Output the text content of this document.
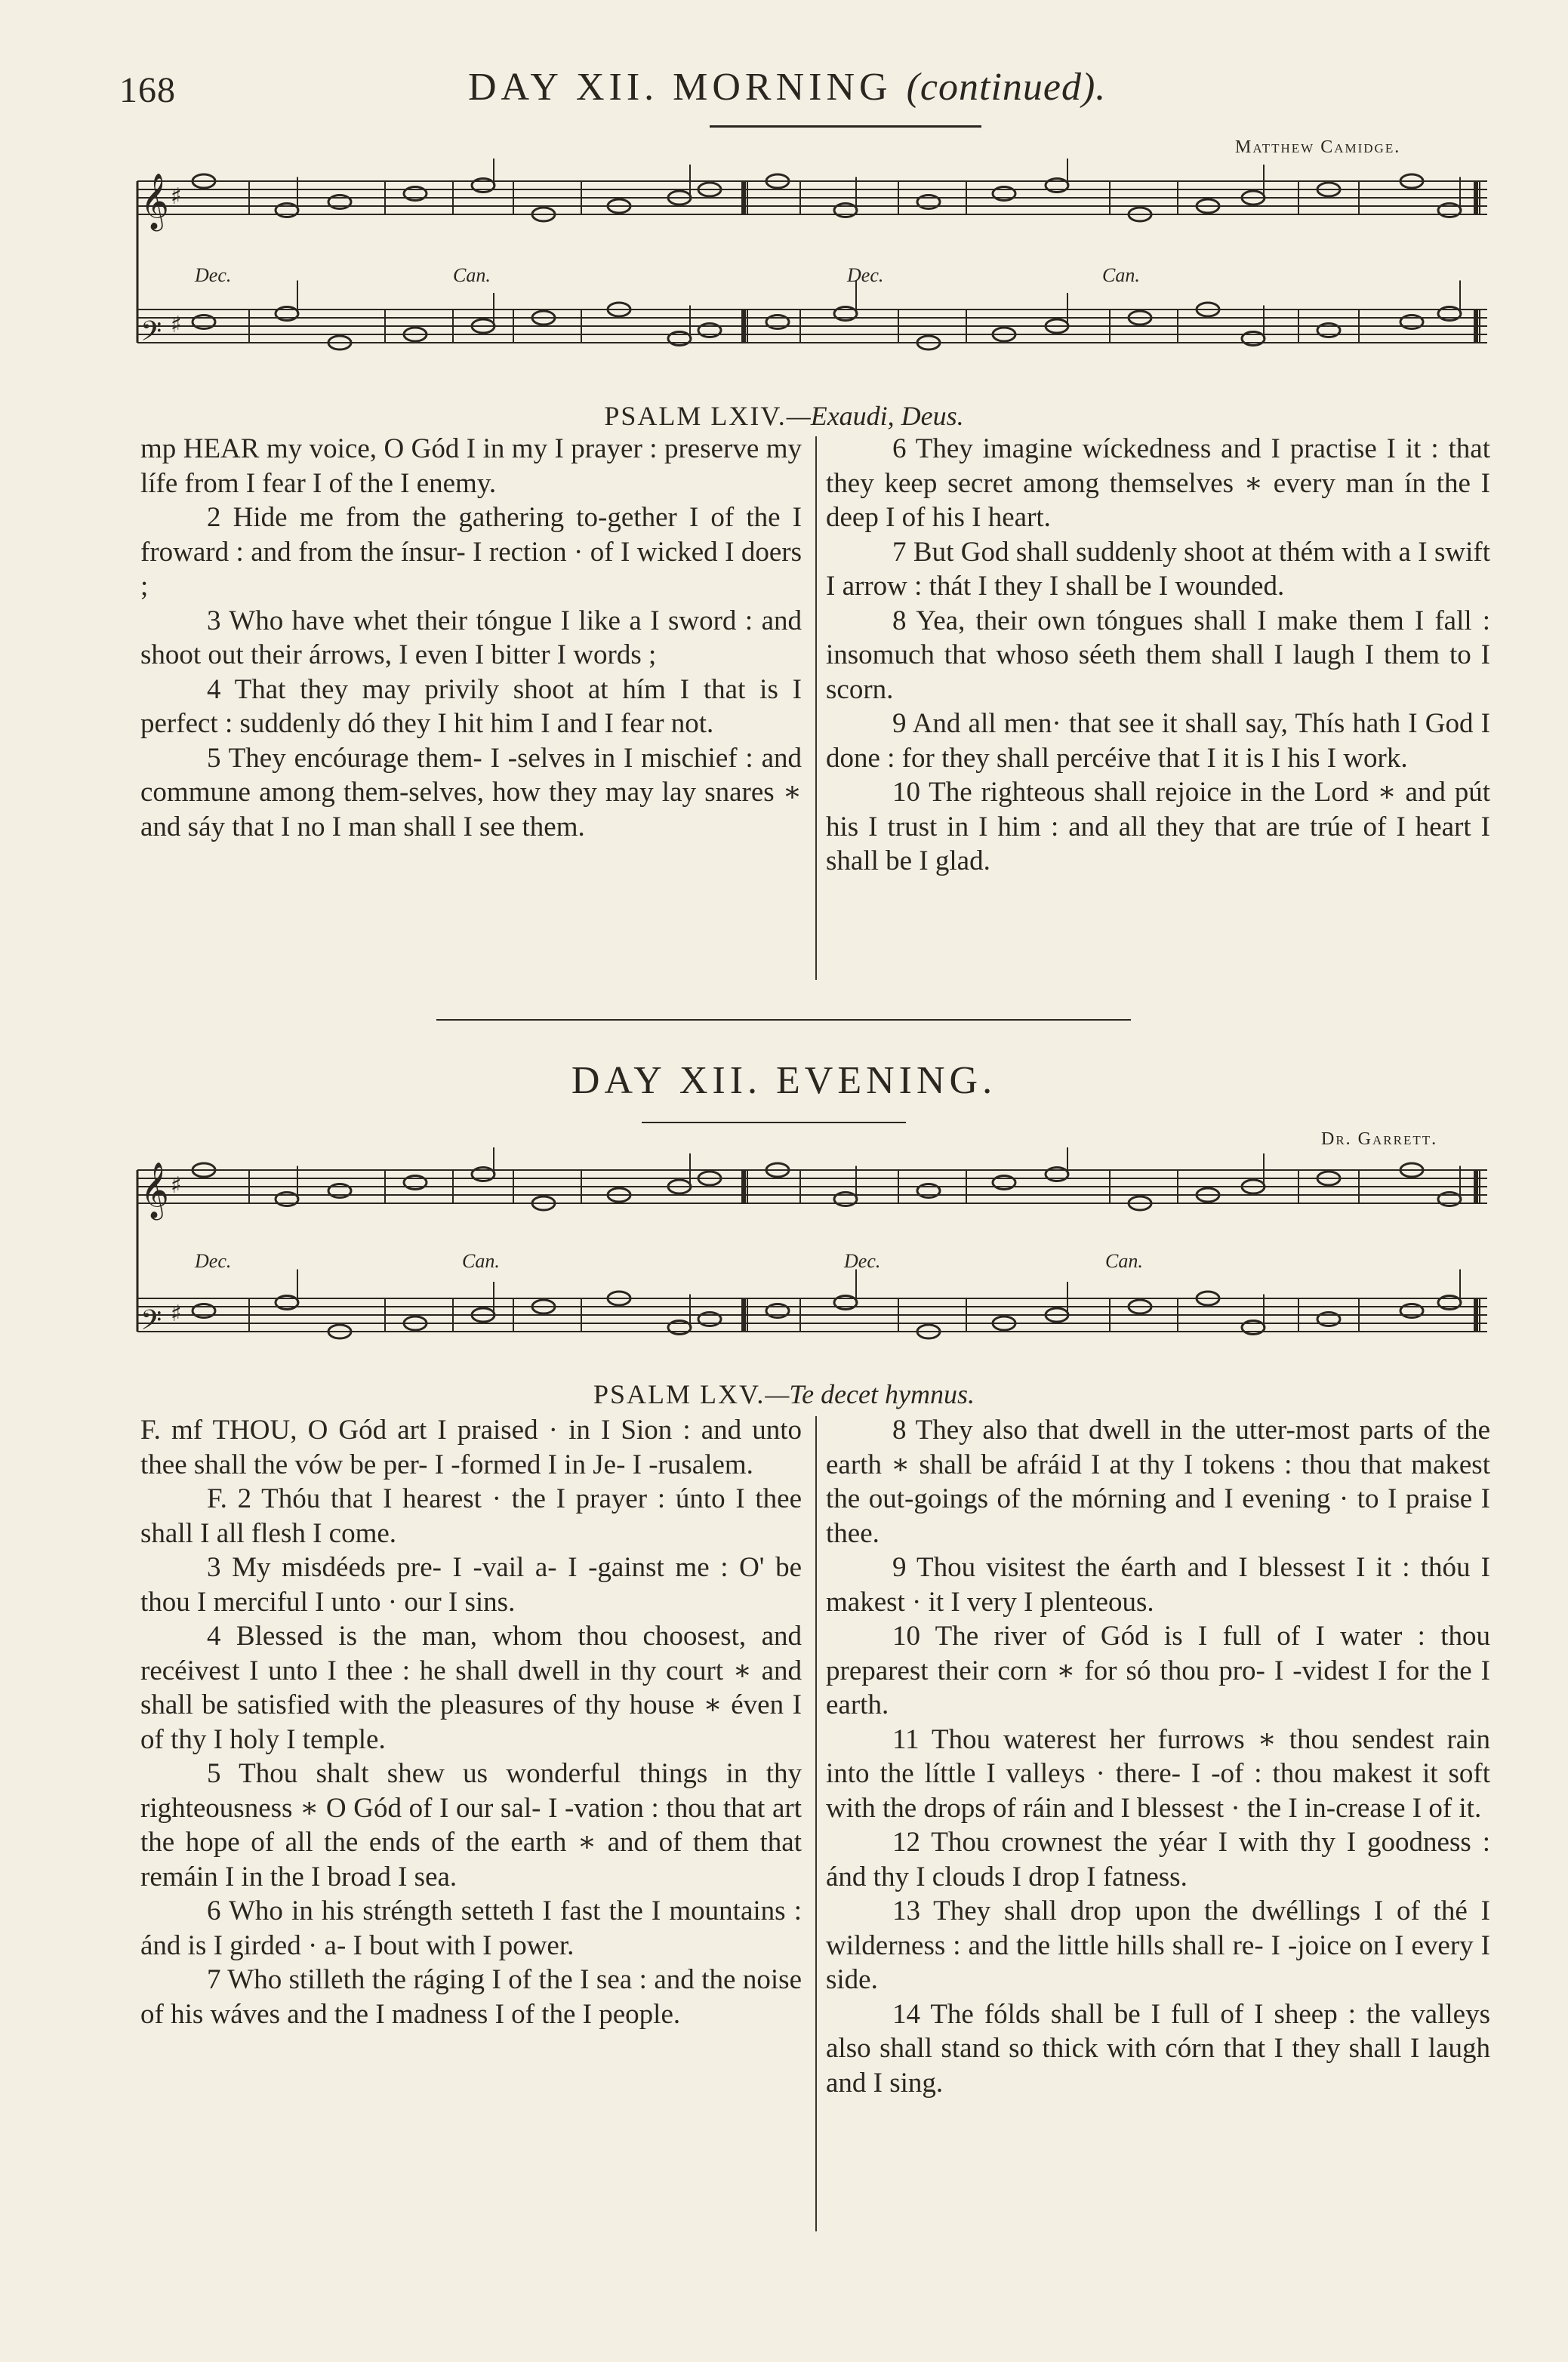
168	DAY XII. MORNING (continued).
Matthew Camidge.
𝄞 ♯
𝄢 ♯
Dec.	Can.	Dec.	Can.
PSALM LXIV.—Exaudi, Deus.

mp HEAR my voice, O Gód I in my I prayer : preserve my lífe from I fear I of the I enemy.

2 Hide me from the gathering to-gether I of the I froward : and from the ínsur- I rection · of I wicked I doers ;

3 Who have whet their tóngue I like a I sword : and shoot out their árrows, I even I bitter I words ;

4 That they may privily shoot at hím I that is I perfect : suddenly dó they I hit him I and I fear not.

5 They encóurage them- I -selves in I mischief : and commune among them-selves, how they may lay snares ∗ and sáy that I no I man shall I see them.

6 They imagine wíckedness and I practise I it : that they keep secret among themselves ∗ every man ín the I deep I of his I heart.

7 But God shall suddenly shoot at thém with a I swift I arrow : thát I they I shall be I wounded.

8 Yea, their own tóngues shall I make them I fall : insomuch that whoso séeth them shall I laugh I them to I scorn.

9 And all men· that see it shall say, Thís hath I God I done : for they shall percéive that I it is I his I work.

10 The righteous shall rejoice in the Lord ∗ and pút his I trust in I him : and all they that are trúe of I heart I shall be I glad.

DAY XII. EVENING.
Dr. Garrett.
𝄞 ♯
𝄢 ♯
Dec.	Can.	Dec.	Can.
PSALM LXV.—Te decet hymnus.

F. mf THOU, O Gód art I praised · in I Sion : and unto thee shall the vów be per- I -formed I in Je- I -rusalem.

F. 2 Thóu that I hearest · the I prayer : únto I thee shall I all flesh I come.

3 My misdéeds pre- I -vail a- I -gainst me : O' be thou I merciful I unto · our I sins.

4 Blessed is the man, whom thou choosest, and recéivest I unto I thee : he shall dwell in thy court ∗ and shall be satisfied with the pleasures of thy house ∗ éven I of thy I holy I temple.

5 Thou shalt shew us wonderful things in thy righteousness ∗ O Gód of I our sal- I -vation : thou that art the hope of all the ends of the earth ∗ and of them that remáin I in the I broad I sea.

6 Who in his stréngth setteth I fast the I mountains : ánd is I girded · a- I bout with I power.

7 Who stilleth the ráging I of the I sea : and the noise of his wáves and the I madness I of the I people.

8 They also that dwell in the utter-most parts of the earth ∗ shall be afráid I at thy I tokens : thou that makest the out-goings of the mórning and I evening · to I praise I thee.

9 Thou visitest the éarth and I blessest I it : thóu I makest · it I very I plenteous.

10 The river of Gód is I full of I water : thou preparest their corn ∗ for só thou pro- I -videst I for the I earth.

11 Thou waterest her furrows ∗ thou sendest rain into the líttle I valleys · there- I -of : thou makest it soft with the drops of ráin and I blessest · the I in-crease I of it.

12 Thou crownest the yéar I with thy I goodness : ánd thy I clouds I drop I fatness.

13 They shall drop upon the dwéllings I of thé I wilderness : and the little hills shall re- I -joice on I every I side.

14 The fólds shall be I full of I sheep : the valleys also shall stand so thick with córn that I they shall I laugh and I sing.
